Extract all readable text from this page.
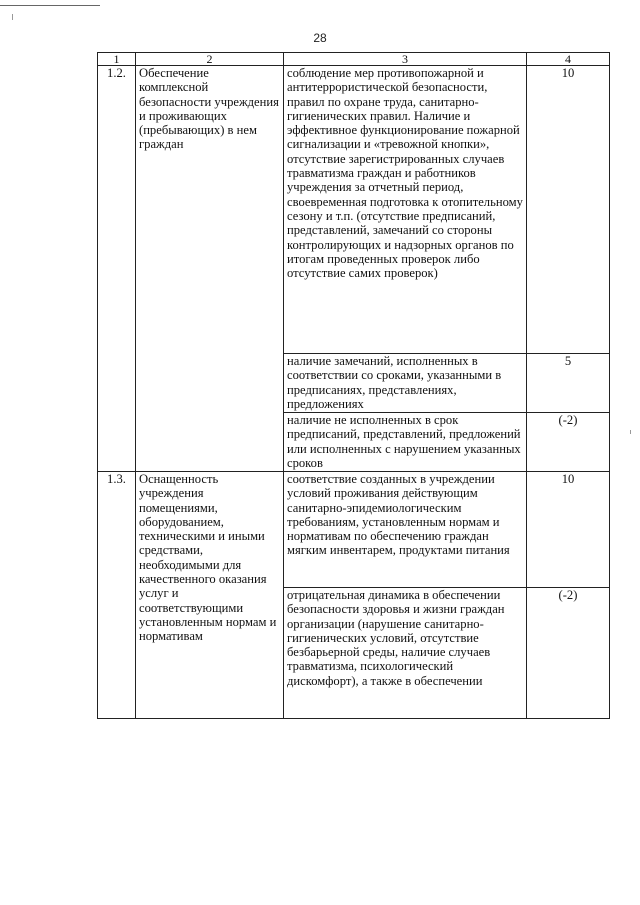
28
1	2	3	4
1.2.	Обеспечение комплексной безопасности учреждения и проживающих (пребывающих) в нем граждан	соблюдение мер противопожарной и антитеррористической безопасности, правил по охране труда, санитарно-гигиенических правил. Наличие и эффективное функционирование пожарной сигнализации и «тревожной кнопки», отсутствие зарегистрированных случаев травматизма граждан и работников учреждения за отчетный период, своевременная подготовка к отопительному сезону и т.п. (отсутствие предписаний, представлений, замечаний со стороны контролирующих и надзорных органов по итогам проведенных проверок либо отсутствие самих проверок)	10
		наличие замечаний, исполненных в соответствии со сроками, указанными в предписаниях, представлениях, предложениях	5
		наличие не исполненных в срок предписаний, представлений, предложений или исполненных с нарушением указанных сроков	(-2)
1.3.	Оснащенность учреждения помещениями, оборудованием, техническими и иными средствами, необходимыми для качественного оказания услуг и соответствующими установленным нормам и нормативам	соответствие созданных в учреждении условий проживания действующим санитарно-эпидемиологическим требованиям, установленным нормам и нормативам по обеспечению граждан мягким инвентарем, продуктами питания	10
		отрицательная динамика в обеспечении безопасности здоровья и жизни граждан организации (нарушение санитарно-гигиенических условий, отсутствие безбарьерной среды, наличие случаев травматизма, психологический дискомфорт), а также в обеспечении	(-2)
